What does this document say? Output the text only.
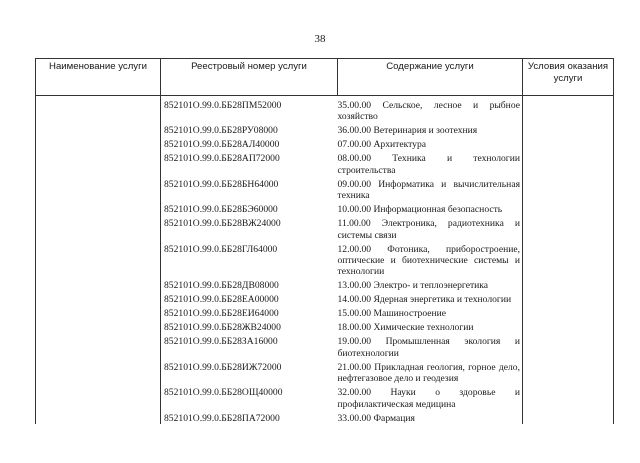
38
Наименование услуги	Реестровый номер услуги	Содержание услуги	Условия оказания услуги
	852101О.99.0.ББ28ПМ52000	35.00.00 Сельское, лесное и рыбное хозяйство	

	852101О.99.0.ББ28РУ08000	36.00.00 Ветеринария и зоотехния	

	852101О.99.0.ББ28АЛ40000	07.00.00 Архитектура	

	852101О.99.0.ББ28АП72000	08.00.00 Техника и технологии строительства	

	852101О.99.0.ББ28БН64000	09.00.00 Информатика и вычислительная техника	

	852101О.99.0.ББ28БЭ60000	10.00.00 Информационная безопасность	

	852101О.99.0.ББ28ВЖ24000	11.00.00 Электроника, радиотехника и системы связи	

	852101О.99.0.ББ28ГЛ64000	12.00.00 Фотоника, приборостроение, оптические и биотехнические системы и технологии	

	852101О.99.0.ББ28ДВ08000	13.00.00 Электро- и теплоэнергетика	

	852101О.99.0.ББ28ЕА00000	14.00.00 Ядерная энергетика и технологии	

	852101О.99.0.ББ28ЕИ64000	15.00.00 Машиностроение	

	852101О.99.0.ББ28ЖВ24000	18.00.00 Химические технологии	

	852101О.99.0.ББ28ЗА16000	19.00.00 Промышленная экология и биотехнологии	

	852101О.99.0.ББ28ИЖ72000	21.00.00 Прикладная геология, горное дело, нефтегазовое дело и геодезия	

	852101О.99.0.ББ28ОЩ40000	32.00.00 Науки о здоровье и профилактическая медицина	

	852101О.99.0.ББ28ПА72000	33.00.00 Фармация	
